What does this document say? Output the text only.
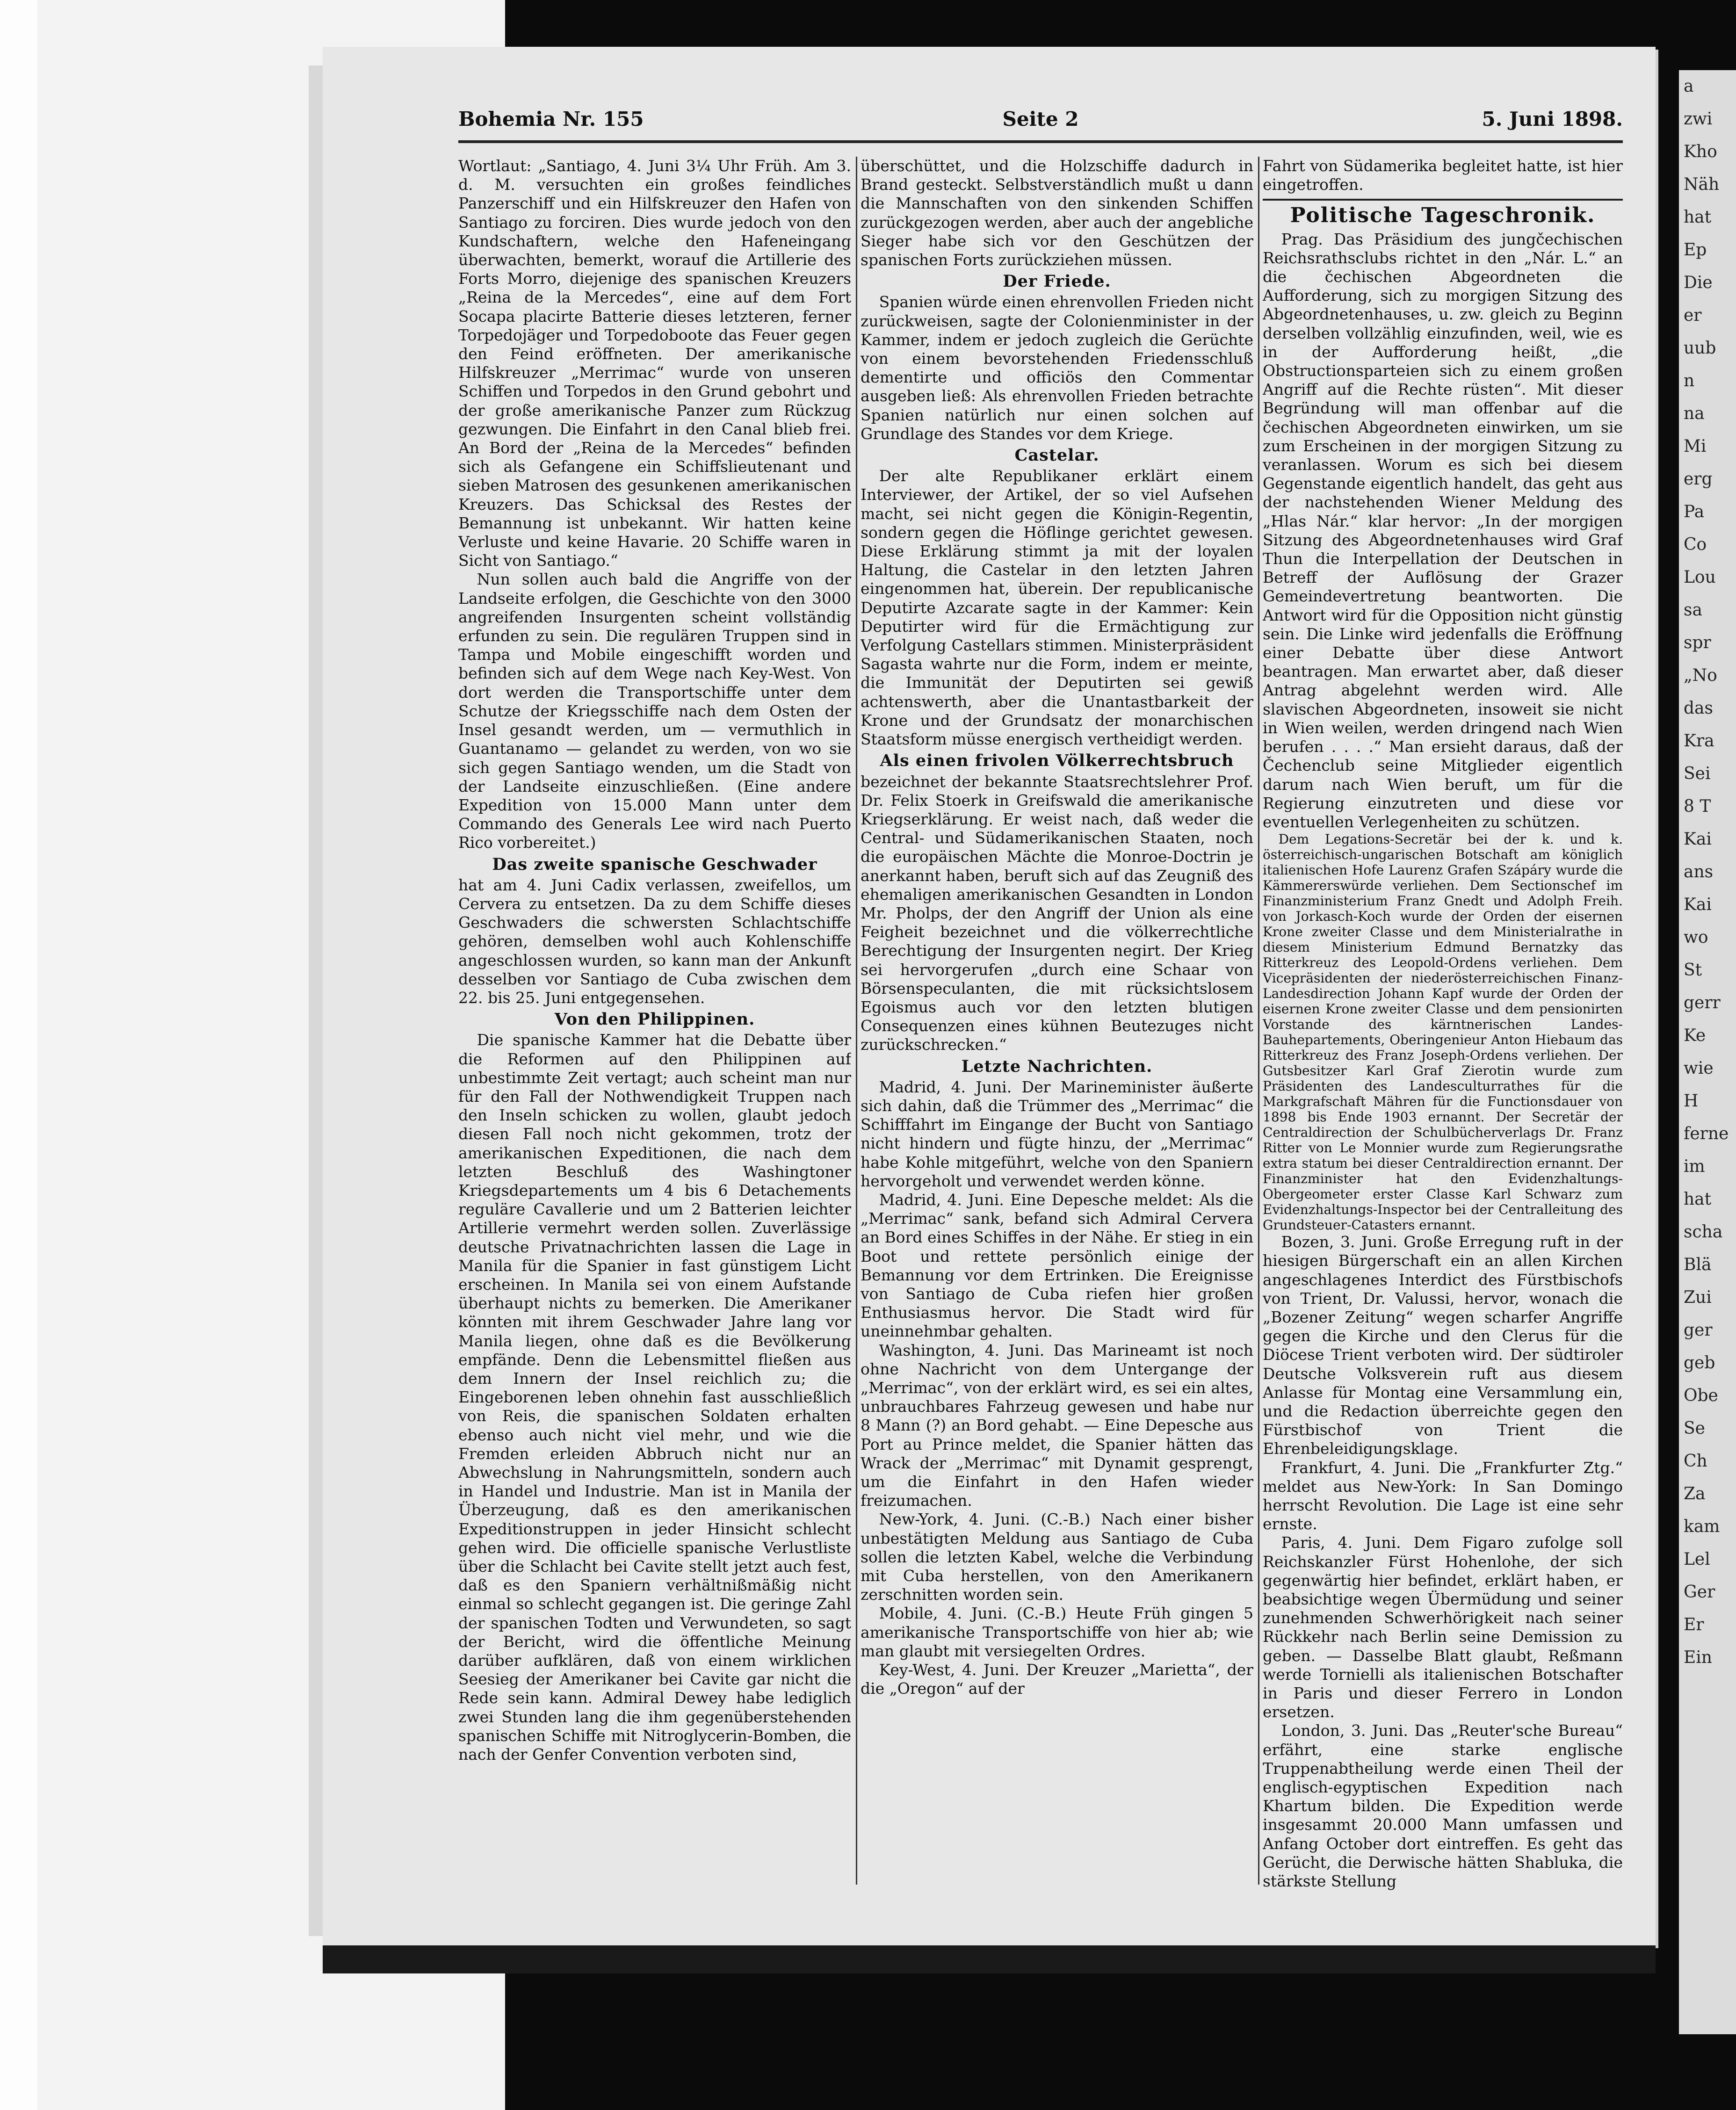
Bohemia Nr. 155	Seite 2	5. Juni 1898.

Wortlaut: „Santiago, 4. Juni 3¼ Uhr Früh. Am 3. d. M. versuchten ein großes feindliches Panzerschiff und ein Hilfskreuzer den Hafen von Santiago zu forciren. Dies wurde jedoch von den Kundschaftern, welche den Hafeneingang überwachten, bemerkt, worauf die Artillerie des Forts Morro, diejenige des spanischen Kreuzers „Reina de la Mercedes“, eine auf dem Fort Socapa placirte Batterie dieses letzteren, ferner Torpedojäger und Torpedoboote das Feuer gegen den Feind eröffneten. Der amerikanische Hilfskreuzer „Merrimac“ wurde von unseren Schiffen und Torpedos in den Grund gebohrt und der große amerikanische Panzer zum Rückzug gezwungen. Die Einfahrt in den Canal blieb frei. An Bord der „Reina de la Mercedes“ befinden sich als Gefangene ein Schiffslieutenant und sieben Matrosen des gesunkenen amerikanischen Kreuzers. Das Schicksal des Restes der Bemannung ist unbekannt. Wir hatten keine Verluste und keine Havarie. 20 Schiffe waren in Sicht von Santiago.“

Nun sollen auch bald die Angriffe von der Landseite erfolgen, die Geschichte von den 3000 angreifenden Insurgenten scheint vollständig erfunden zu sein. Die regulären Truppen sind in Tampa und Mobile eingeschifft worden und befinden sich auf dem Wege nach Key-West. Von dort werden die Transportschiffe unter dem Schutze der Kriegsschiffe nach dem Osten der Insel gesandt werden, um — vermuthlich in Guantanamo — gelandet zu werden, von wo sie sich gegen Santiago wenden, um die Stadt von der Landseite einzuschließen. (Eine andere Expedition von 15.000 Mann unter dem Commando des Generals Lee wird nach Puerto Rico vorbereitet.)

Das zweite spanische Geschwader

hat am 4. Juni Cadix verlassen, zweifellos, um Cervera zu entsetzen. Da zu dem Schiffe dieses Geschwaders die schwersten Schlachtschiffe gehören, demselben wohl auch Kohlenschiffe angeschlossen wurden, so kann man der Ankunft desselben vor Santiago de Cuba zwischen dem 22. bis 25. Juni entgegensehen.

Von den Philippinen.

Die spanische Kammer hat die Debatte über die Reformen auf den Philippinen auf unbestimmte Zeit vertagt; auch scheint man nur für den Fall der Nothwendigkeit Truppen nach den Inseln schicken zu wollen, glaubt jedoch diesen Fall noch nicht gekommen, trotz der amerikanischen Expeditionen, die nach dem letzten Beschluß des Washingtoner Kriegsdepartements um 4 bis 6 Detachements reguläre Cavallerie und um 2 Batterien leichter Artillerie vermehrt werden sollen. Zuverlässige deutsche Privatnachrichten lassen die Lage in Manila für die Spanier in fast günstigem Licht erscheinen. In Manila sei von einem Aufstande überhaupt nichts zu bemerken. Die Amerikaner könnten mit ihrem Geschwader Jahre lang vor Manila liegen, ohne daß es die Bevölkerung empfände. Denn die Lebensmittel fließen aus dem Innern der Insel reichlich zu; die Eingeborenen leben ohnehin fast ausschließlich von Reis, die spanischen Soldaten erhalten ebenso auch nicht viel mehr, und wie die Fremden erleiden Abbruch nicht nur an Abwechslung in Nahrungsmitteln, sondern auch in Handel und Industrie. Man ist in Manila der Überzeugung, daß es den amerikanischen Expeditionstruppen in jeder Hinsicht schlecht gehen wird. Die officielle spanische Verlustliste über die Schlacht bei Cavite stellt jetzt auch fest, daß es den Spaniern verhältnißmäßig nicht einmal so schlecht gegangen ist. Die geringe Zahl der spanischen Todten und Verwundeten, so sagt der Bericht, wird die öffentliche Meinung darüber aufklären, daß von einem wirklichen Seesieg der Amerikaner bei Cavite gar nicht die Rede sein kann. Admiral Dewey habe lediglich zwei Stunden lang die ihm gegenüberstehenden spanischen Schiffe mit Nitroglycerin-Bomben, die nach der Genfer Convention verboten sind,

überschüttet, und die Holzschiffe dadurch in Brand gesteckt. Selbstverständlich mußt u dann die Mannschaften von den sinkenden Schiffen zurückgezogen werden, aber auch der angebliche Sieger habe sich vor den Geschützen der spanischen Forts zurückziehen müssen.

Der Friede.

Spanien würde einen ehrenvollen Frieden nicht zurückweisen, sagte der Colonienminister in der Kammer, indem er jedoch zugleich die Gerüchte von einem bevorstehenden Friedensschluß dementirte und officiös den Commentar ausgeben ließ: Als ehrenvollen Frieden betrachte Spanien natürlich nur einen solchen auf Grundlage des Standes vor dem Kriege.

Castelar.

Der alte Republikaner erklärt einem Interviewer, der Artikel, der so viel Aufsehen macht, sei nicht gegen die Königin-Regentin, sondern gegen die Höflinge gerichtet gewesen. Diese Erklärung stimmt ja mit der loyalen Haltung, die Castelar in den letzten Jahren eingenommen hat, überein. Der republicanische Deputirte Azcarate sagte in der Kammer: Kein Deputirter wird für die Ermächtigung zur Verfolgung Castellars stimmen. Ministerpräsident Sagasta wahrte nur die Form, indem er meinte, die Immunität der Deputirten sei gewiß achtenswerth, aber die Unantastbarkeit der Krone und der Grundsatz der monarchischen Staatsform müsse energisch vertheidigt werden.

Als einen frivolen Völkerrechtsbruch

bezeichnet der bekannte Staatsrechtslehrer Prof. Dr. Felix Stoerk in Greifswald die amerikanische Kriegserklärung. Er weist nach, daß weder die Central- und Südamerikanischen Staaten, noch die europäischen Mächte die Monroe-Doctrin je anerkannt haben, beruft sich auf das Zeugniß des ehemaligen amerikanischen Gesandten in London Mr. Pholps, der den Angriff der Union als eine Feigheit bezeichnet und die völkerrechtliche Berechtigung der Insurgenten negirt. Der Krieg sei hervorgerufen „durch eine Schaar von Börsenspeculanten, die mit rücksichtslosem Egoismus auch vor den letzten blutigen Consequenzen eines kühnen Beutezuges nicht zurückschrecken.“

Letzte Nachrichten.

Madrid, 4. Juni. Der Marineminister äußerte sich dahin, daß die Trümmer des „Merrimac“ die Schifffahrt im Eingange der Bucht von Santiago nicht hindern und fügte hinzu, der „Merrimac“ habe Kohle mitgeführt, welche von den Spaniern hervorgeholt und verwendet werden könne.

Madrid, 4. Juni. Eine Depesche meldet: Als die „Merrimac“ sank, befand sich Admiral Cervera an Bord eines Schiffes in der Nähe. Er stieg in ein Boot und rettete persönlich einige der Bemannung vor dem Ertrinken. Die Ereignisse von Santiago de Cuba riefen hier großen Enthusiasmus hervor. Die Stadt wird für uneinnehmbar gehalten.

Washington, 4. Juni. Das Marineamt ist noch ohne Nachricht von dem Untergange der „Merrimac“, von der erklärt wird, es sei ein altes, unbrauchbares Fahrzeug gewesen und habe nur 8 Mann (?) an Bord gehabt. — Eine Depesche aus Port au Prince meldet, die Spanier hätten das Wrack der „Merrimac“ mit Dynamit gesprengt, um die Einfahrt in den Hafen wieder freizumachen.

New-York, 4. Juni. (C.-B.) Nach einer bisher unbestätigten Meldung aus Santiago de Cuba sollen die letzten Kabel, welche die Verbindung mit Cuba herstellen, von den Amerikanern zerschnitten worden sein.

Mobile, 4. Juni. (C.-B.) Heute Früh gingen 5 amerikanische Transportschiffe von hier ab; wie man glaubt mit versiegelten Ordres.

Key-West, 4. Juni. Der Kreuzer „Marietta“, der die „Oregon“ auf der

Fahrt von Südamerika begleitet hatte, ist hier eingetroffen.

Politische Tageschronik.

Prag. Das Präsidium des jungčechischen Reichsrathsclubs richtet in den „Nár. L.“ an die čechischen Abgeordneten die Aufforderung, sich zu morgigen Sitzung des Abgeordnetenhauses, u. zw. gleich zu Beginn derselben vollzählig einzufinden, weil, wie es in der Aufforderung heißt, „die Obstructionsparteien sich zu einem großen Angriff auf die Rechte rüsten“. Mit dieser Begründung will man offenbar auf die čechischen Abgeordneten einwirken, um sie zum Erscheinen in der morgigen Sitzung zu veranlassen. Worum es sich bei diesem Gegenstande eigentlich handelt, das geht aus der nachstehenden Wiener Meldung des „Hlas Nár.“ klar hervor: „In der morgigen Sitzung des Abgeordnetenhauses wird Graf Thun die Interpellation der Deutschen in Betreff der Auflösung der Grazer Gemeindevertretung beantworten. Die Antwort wird für die Opposition nicht günstig sein. Die Linke wird jedenfalls die Eröffnung einer Debatte über diese Antwort beantragen. Man erwartet aber, daß dieser Antrag abgelehnt werden wird. Alle slavischen Abgeordneten, insoweit sie nicht in Wien weilen, werden dringend nach Wien berufen . . . .“ Man ersieht daraus, daß der Čechenclub seine Mitglieder eigentlich darum nach Wien beruft, um für die Regierung einzutreten und diese vor eventuellen Verlegenheiten zu schützen.

Dem Legations-Secretär bei der k. und k. österreichisch-ungarischen Botschaft am königlich italienischen Hofe Laurenz Grafen Szápáry wurde die Kämmererswürde verliehen. Dem Sectionschef im Finanzministerium Franz Gnedt und Adolph Freih. von Jorkasch-Koch wurde der Orden der eisernen Krone zweiter Classe und dem Ministerialrathe in diesem Ministerium Edmund Bernatzky das Ritterkreuz des Leopold-Ordens verliehen. Dem Vicepräsidenten der niederösterreichischen Finanz-Landesdirection Johann Kapf wurde der Orden der eisernen Krone zweiter Classe und dem pensionirten Vorstande des kärntnerischen Landes-Bauhepartements, Oberingenieur Anton Hiebaum das Ritterkreuz des Franz Joseph-Ordens verliehen. Der Gutsbesitzer Karl Graf Zierotin wurde zum Präsidenten des Landesculturrathes für die Markgrafschaft Mähren für die Functionsdauer von 1898 bis Ende 1903 ernannt. Der Secretär der Centraldirection der Schulbücherverlags Dr. Franz Ritter von Le Monnier wurde zum Regierungsrathe extra statum bei dieser Centraldirection ernannt. Der Finanzminister hat den Evidenzhaltungs-Obergeometer erster Classe Karl Schwarz zum Evidenzhaltungs-Inspector bei der Centralleitung des Grundsteuer-Catasters ernannt.

Bozen, 3. Juni. Große Erregung ruft in der hiesigen Bürgerschaft ein an allen Kirchen angeschlagenes Interdict des Fürstbischofs von Trient, Dr. Valussi, hervor, wonach die „Bozener Zeitung“ wegen scharfer Angriffe gegen die Kirche und den Clerus für die Diöcese Trient verboten wird. Der südtiroler Deutsche Volksverein ruft aus diesem Anlasse für Montag eine Versammlung ein, und die Redaction überreichte gegen den Fürstbischof von Trient die Ehrenbeleidigungsklage.

Frankfurt, 4. Juni. Die „Frankfurter Ztg.“ meldet aus New-York: In San Domingo herrscht Revolution. Die Lage ist eine sehr ernste.

Paris, 4. Juni. Dem Figaro zufolge soll Reichskanzler Fürst Hohenlohe, der sich gegenwärtig hier befindet, erklärt haben, er beabsichtige wegen Übermüdung und seiner zunehmenden Schwerhörigkeit nach seiner Rückkehr nach Berlin seine Demission zu geben. — Dasselbe Blatt glaubt, Reßmann werde Tornielli als italienischen Botschafter in Paris und dieser Ferrero in London ersetzen.

London, 3. Juni. Das „Reuter'sche Bureau“ erfährt, eine starke englische Truppenabtheilung werde einen Theil der englisch-egyptischen Expedition nach Khartum bilden. Die Expedition werde insgesammt 20.000 Mann umfassen und Anfang October dort eintreffen. Es geht das Gerücht, die Derwische hätten Shabluka, die stärkste Stellung

a
zwi
Kho
Näh
hat
Ep
Die
er
uub
n
na
Mi
erg
Pa
Co
Lou
sa
spr
„No
das
Kra
Sei
8 T
Kai
ans
Kai
wo
St
gerr
Ke
wie
H
ferne
im
hat
scha
Blä
Zui
ger
geb
Obe
Se
Ch
Za
kam
Lel
Ger
Er
Ein
